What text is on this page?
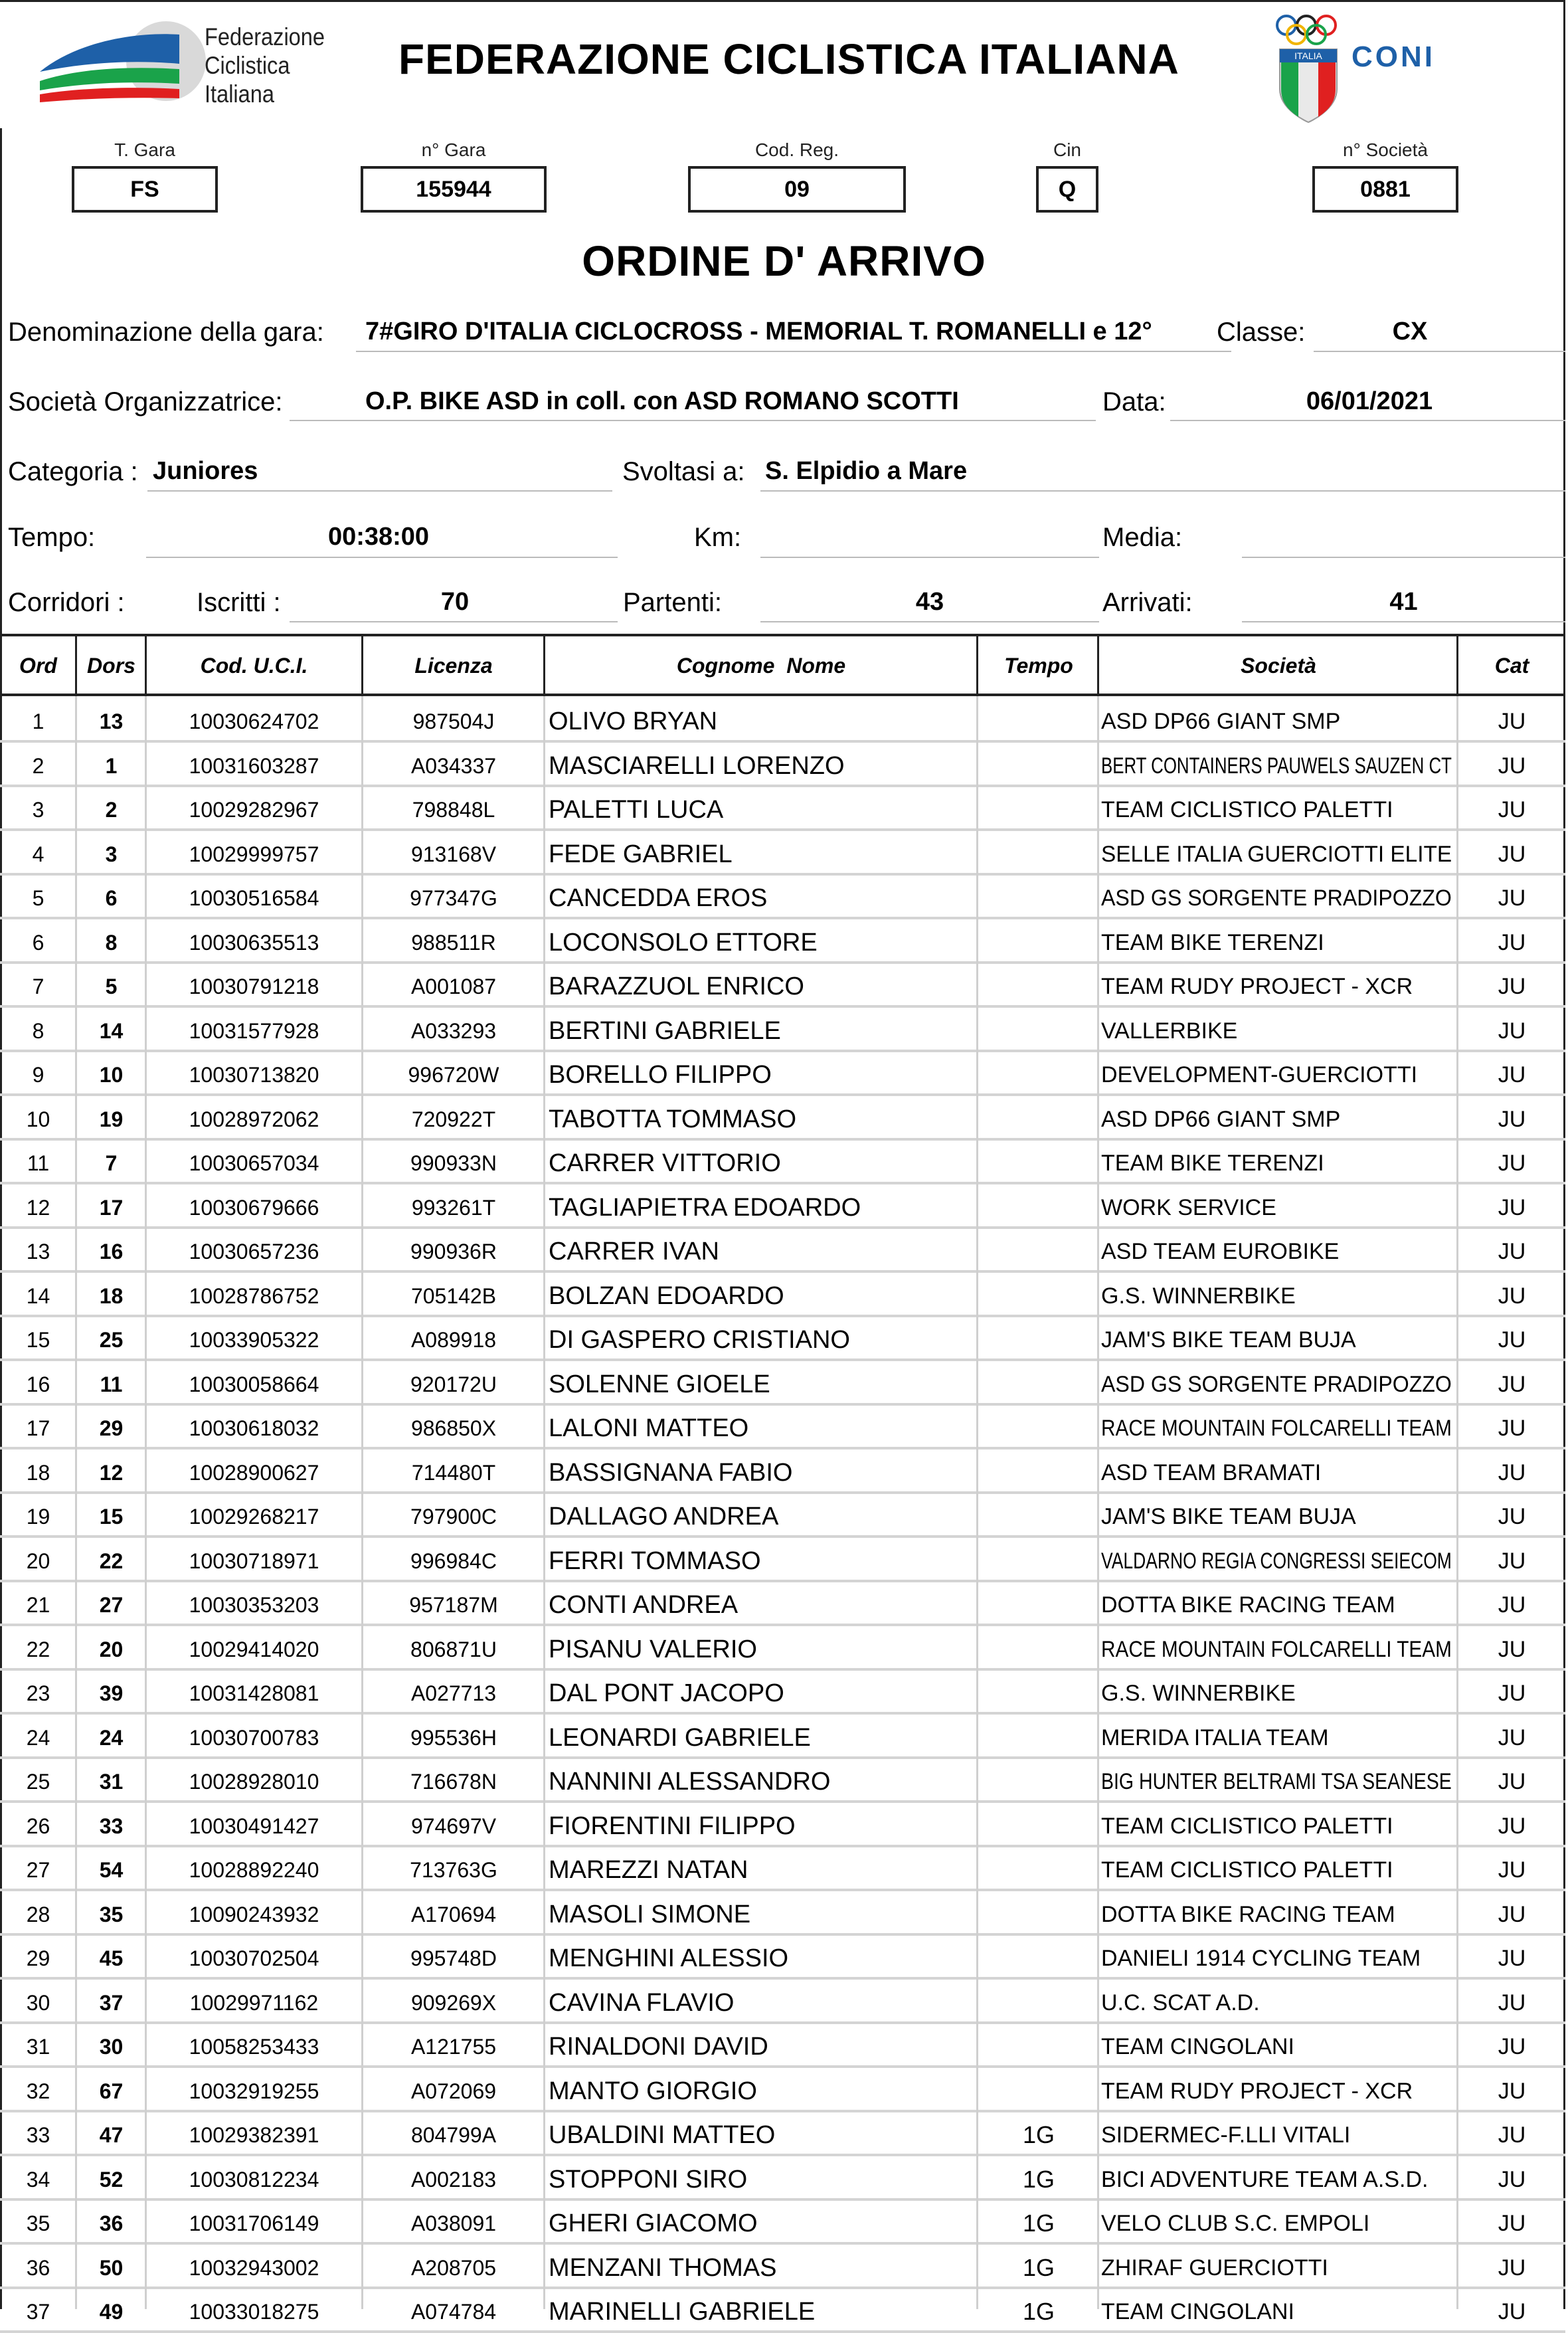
Federazione
Ciclistica
Italiana
FEDERAZIONE CICLISTICA ITALIANA	ITALIA CONI
T. Gara
FS
n° Gara
155944
Cod. Reg.
09
Cin
Q
n° Società
0881
ORDINE D' ARRIVO
Denominazione della gara: 7#GIRO D'ITALIA CICLOCROSS - MEMORIAL T. ROMANELLI e 12°	Classe:	CX
Società Organizzatrice:	O.P. BIKE ASD in coll. con ASD ROMANO SCOTTI	Data:	06/01/2021
Categoria : Juniores	Svoltasi a: S. Elpidio a Mare
Tempo:	00:38:00	Km:	Media:
Corridori :	Iscritti :	70	Partenti:	43	Arrivati:	41
Ord	Dors	Cod. U.C.I.	Licenza	Cognome  Nome	Tempo	Società	Cat
1	13	10030624702	987504J	OLIVO BRYAN	ASD DP66 GIANT SMP	JU
2	1	10031603287	A034337	MASCIARELLI LORENZO	BERT CONTAINERS PAUWELS SAUZEN CT	JU
3	2	10029282967	798848L	PALETTI LUCA	TEAM CICLISTICO PALETTI	JU
4	3	10029999757	913168V	FEDE GABRIEL	SELLE ITALIA GUERCIOTTI ELITE	JU
5	6	10030516584	977347G	CANCEDDA EROS	ASD GS SORGENTE PRADIPOZZO	JU
6	8	10030635513	988511R	LOCONSOLO ETTORE	TEAM BIKE TERENZI	JU
7	5	10030791218	A001087	BARAZZUOL ENRICO	TEAM RUDY PROJECT - XCR	JU
8	14	10031577928	A033293	BERTINI GABRIELE	VALLERBIKE	JU
9	10	10030713820	996720W	BORELLO FILIPPO	DEVELOPMENT-GUERCIOTTI	JU
10	19	10028972062	720922T	TABOTTA TOMMASO	ASD DP66 GIANT SMP	JU
11	7	10030657034	990933N	CARRER VITTORIO	TEAM BIKE TERENZI	JU
12	17	10030679666	993261T	TAGLIAPIETRA EDOARDO	WORK SERVICE	JU
13	16	10030657236	990936R	CARRER IVAN	ASD TEAM EUROBIKE	JU
14	18	10028786752	705142B	BOLZAN EDOARDO	G.S. WINNERBIKE	JU
15	25	10033905322	A089918	DI GASPERO CRISTIANO	JAM'S BIKE TEAM BUJA	JU
16	11	10030058664	920172U	SOLENNE GIOELE	ASD GS SORGENTE PRADIPOZZO	JU
17	29	10030618032	986850X	LALONI MATTEO	RACE MOUNTAIN FOLCARELLI TEAM	JU
18	12	10028900627	714480T	BASSIGNANA FABIO	ASD TEAM BRAMATI	JU
19	15	10029268217	797900C	DALLAGO ANDREA	JAM'S BIKE TEAM BUJA	JU
20	22	10030718971	996984C	FERRI TOMMASO	VALDARNO REGIA CONGRESSI SEIECOM	JU
21	27	10030353203	957187M	CONTI ANDREA	DOTTA BIKE RACING TEAM	JU
22	20	10029414020	806871U	PISANU VALERIO	RACE MOUNTAIN FOLCARELLI TEAM	JU
23	39	10031428081	A027713	DAL PONT JACOPO	G.S. WINNERBIKE	JU
24	24	10030700783	995536H	LEONARDI GABRIELE	MERIDA ITALIA TEAM	JU
25	31	10028928010	716678N	NANNINI ALESSANDRO	BIG HUNTER BELTRAMI TSA SEANESE	JU
26	33	10030491427	974697V	FIORENTINI FILIPPO	TEAM CICLISTICO PALETTI	JU
27	54	10028892240	713763G	MAREZZI NATAN	TEAM CICLISTICO PALETTI	JU
28	35	10090243932	A170694	MASOLI SIMONE	DOTTA BIKE RACING TEAM	JU
29	45	10030702504	995748D	MENGHINI ALESSIO	DANIELI 1914 CYCLING TEAM	JU
30	37	10029971162	909269X	CAVINA FLAVIO	U.C. SCAT A.D.	JU
31	30	10058253433	A121755	RINALDONI DAVID	TEAM CINGOLANI	JU
32	67	10032919255	A072069	MANTO GIORGIO	TEAM RUDY PROJECT - XCR	JU
33	47	10029382391	804799A	UBALDINI MATTEO	1G	SIDERMEC-F.LLI VITALI	JU
34	52	10030812234	A002183	STOPPONI SIRO	1G	BICI ADVENTURE TEAM A.S.D.	JU
35	36	10031706149	A038091	GHERI GIACOMO	1G	VELO CLUB S.C. EMPOLI	JU
36	50	10032943002	A208705	MENZANI THOMAS	1G	ZHIRAF GUERCIOTTI	JU
37	49	10033018275	A074784	MARINELLI GABRIELE	1G	TEAM CINGOLANI	JU
